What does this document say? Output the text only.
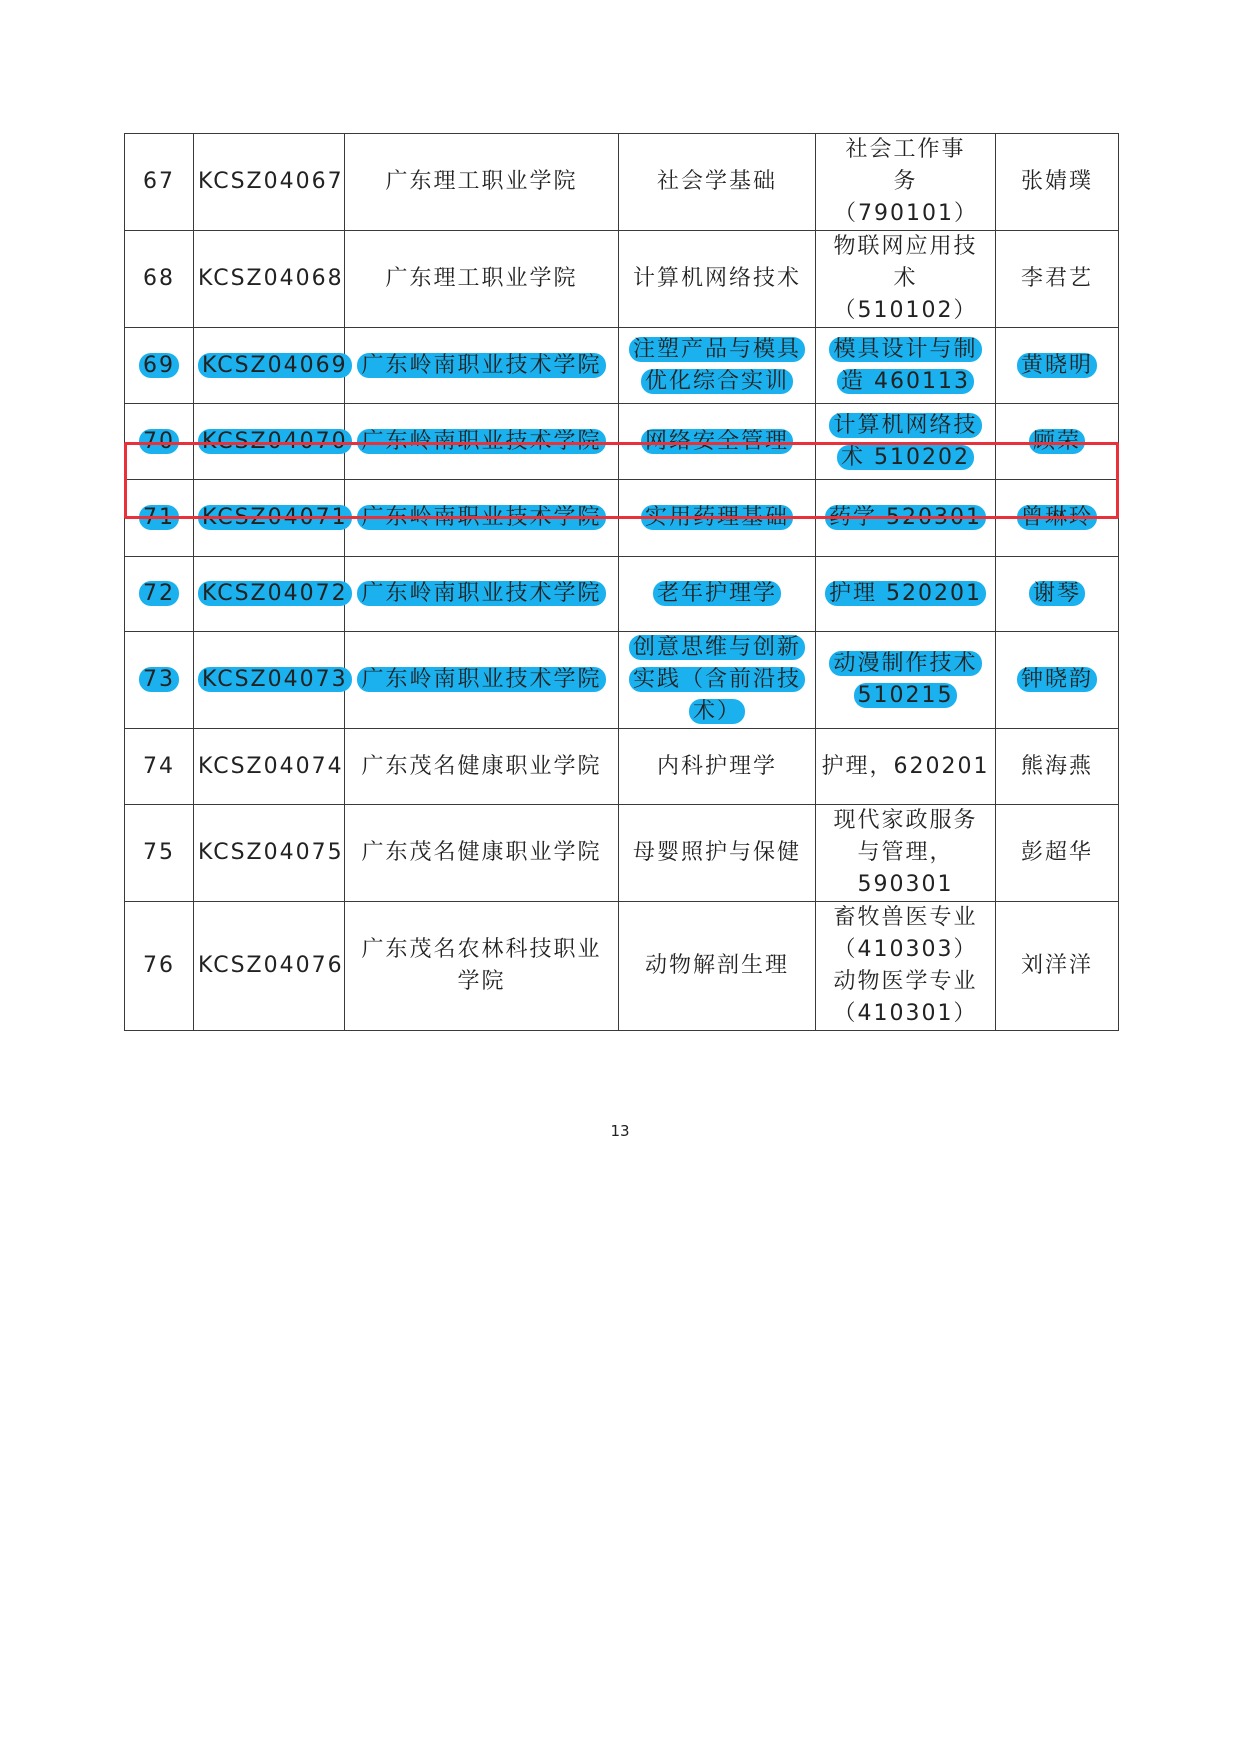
67	KCSZ04067	广东理工职业学院	社会学基础	社会工作事务（790101）	张婧璞
68	KCSZ04068	广东理工职业学院	计算机网络技术	物联网应用技术（510102）	李君艺
69	KCSZ04069	广东岭南职业技术学院	注塑产品与模具优化综合实训	模具设计与制造 460113	黄晓明
70	KCSZ04070	广东岭南职业技术学院	网络安全管理	计算机网络技术 510202	顾荣
71	KCSZ04071	广东岭南职业技术学院	实用药理基础	药学 520301	曾琳玲
72	KCSZ04072	广东岭南职业技术学院	老年护理学	护理 520201	谢琴
73	KCSZ04073	广东岭南职业技术学院	创意思维与创新实践（含前沿技术）	动漫制作技术 510215	钟晓韵
74	KCSZ04074	广东茂名健康职业学院	内科护理学	护理，620201	熊海燕
75	KCSZ04075	广东茂名健康职业学院	母婴照护与保健	现代家政服务与管理，590301	彭超华
76	KCSZ04076	广东茂名农林科技职业学院	动物解剖生理	畜牧兽医专业（410303）动物医学专业（410301）	刘洋洋
13
